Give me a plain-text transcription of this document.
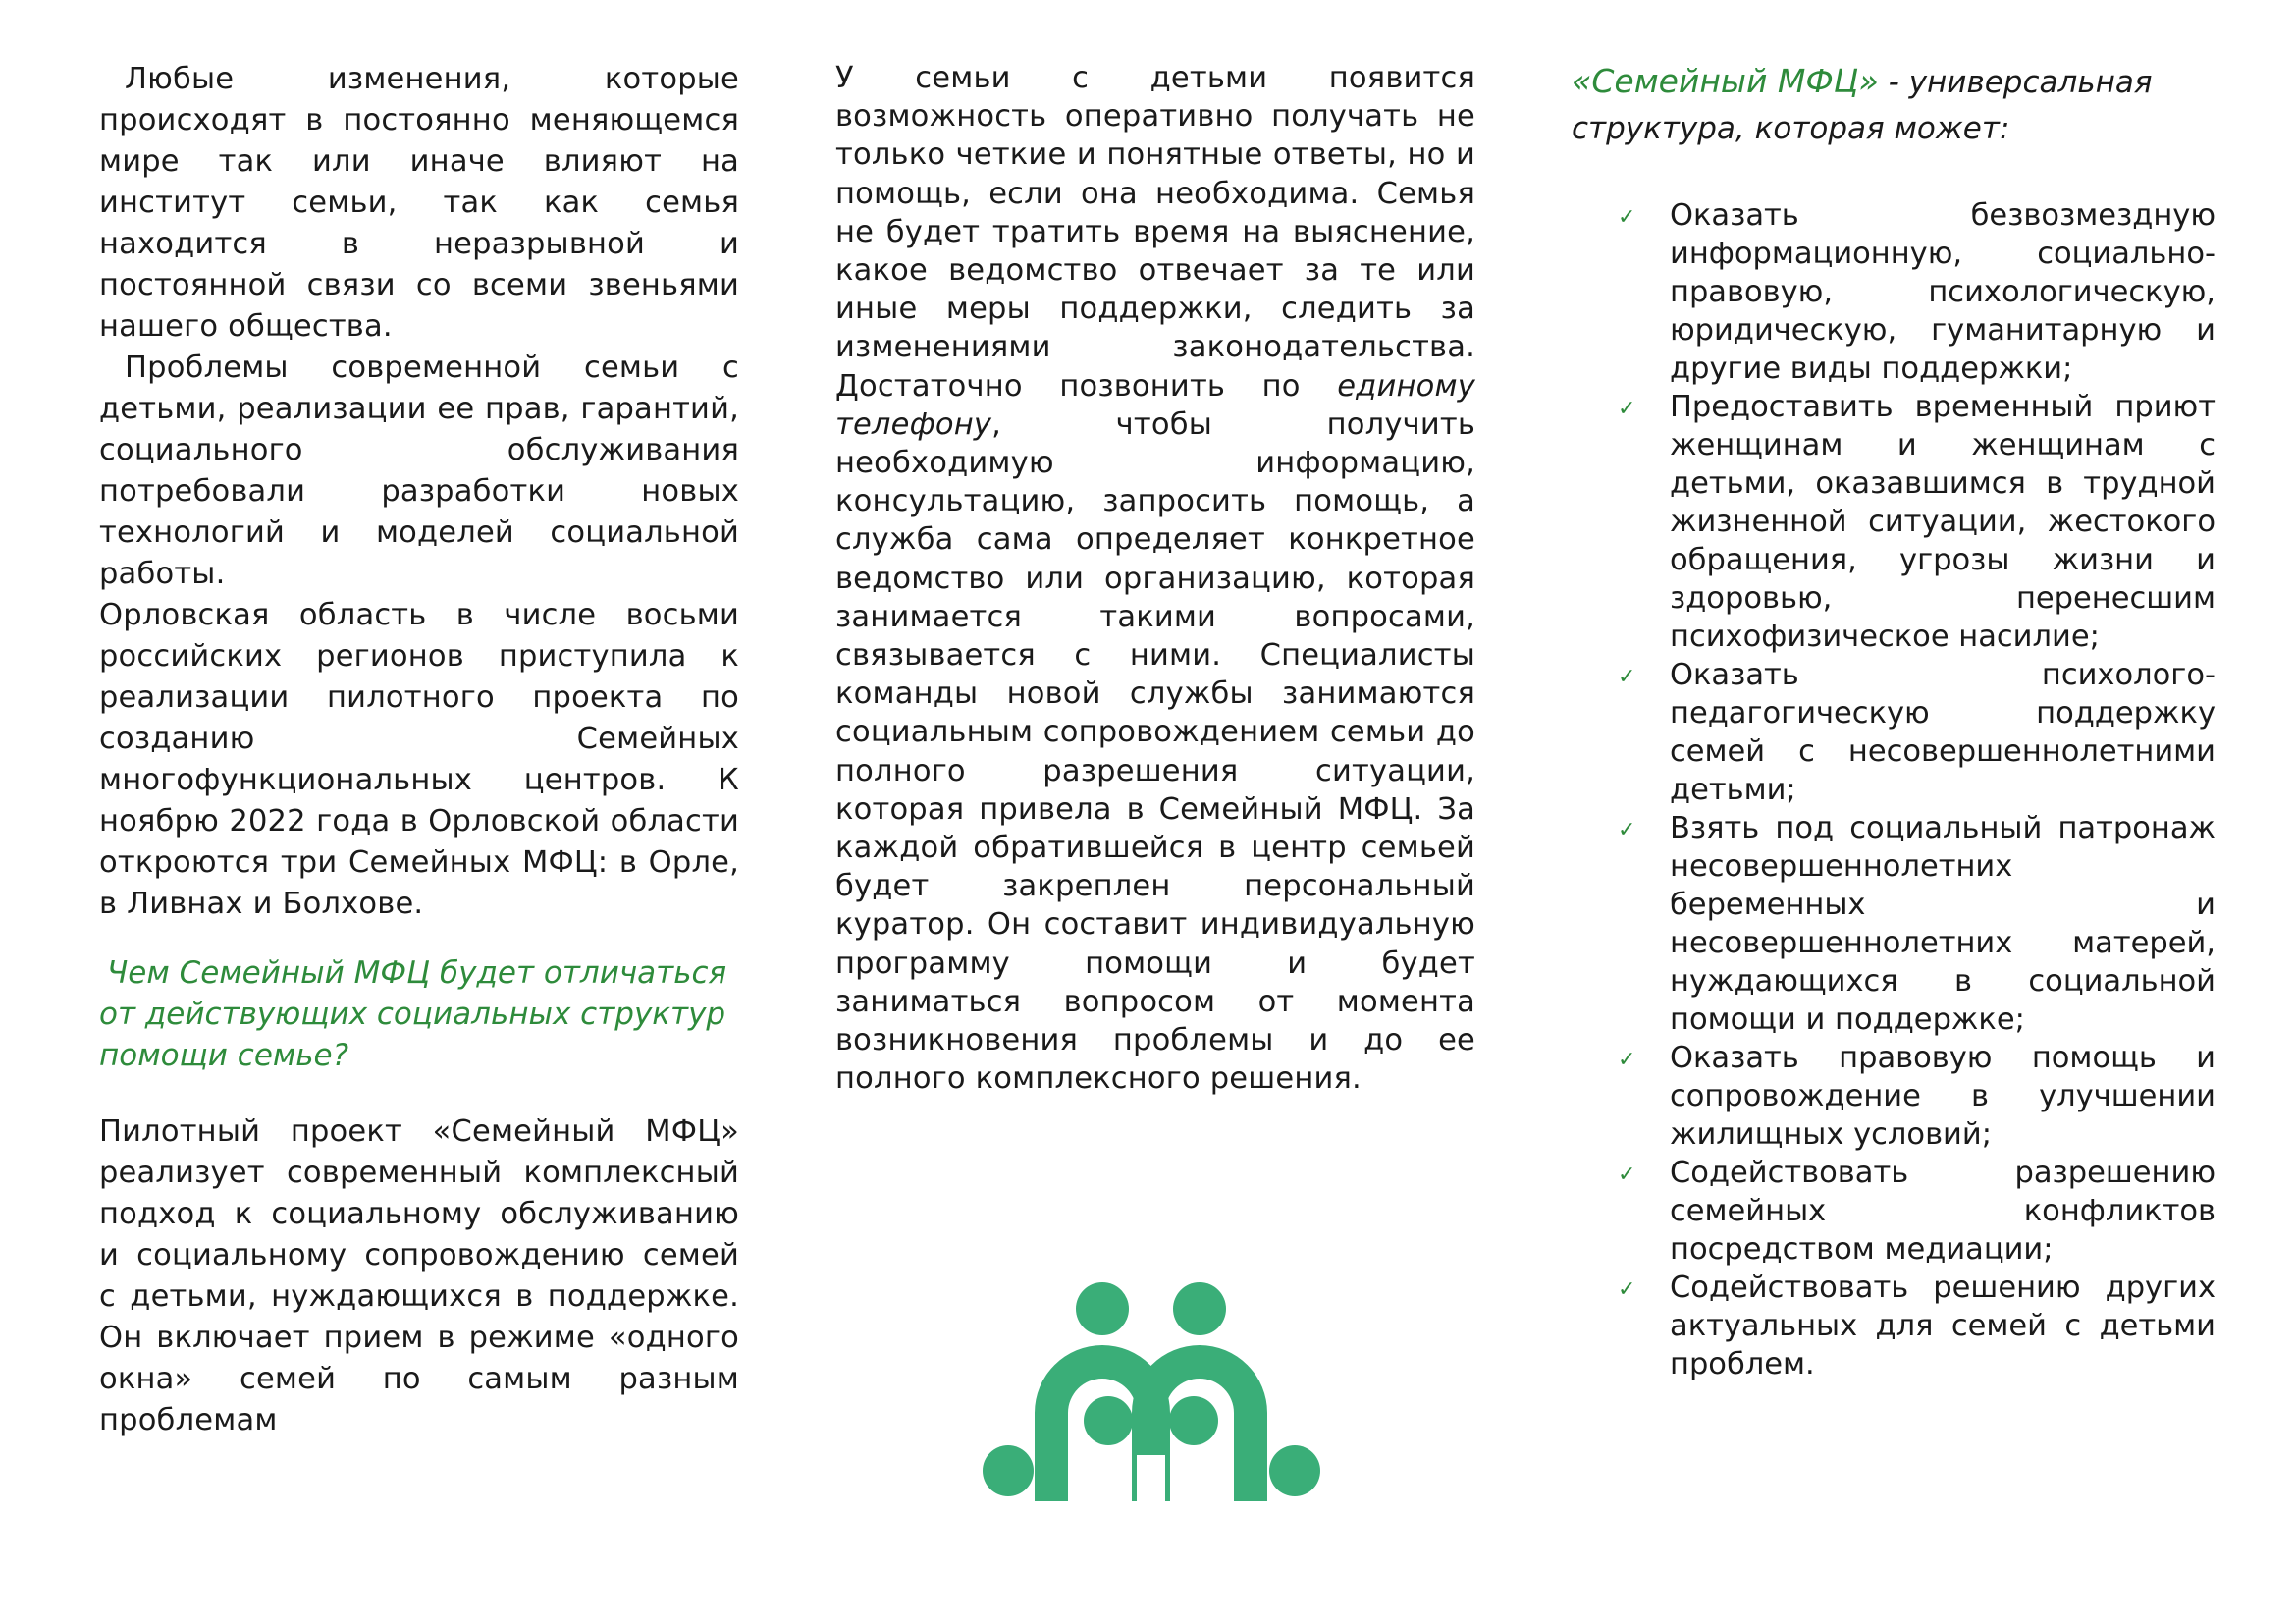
Любые изменения, которые происходят в постоянно меняющемся мире так или иначе влияют на институт семьи, так как семья находится в неразрывной и постоянной связи со всеми звеньями нашего общества.

Проблемы современной семьи с детьми, реализации ее прав, гарантий, социального обслуживания потребовали разработки новых технологий и моделей социальной работы.

Орловская область в числе восьми российских регионов приступила к реализации пилотного проекта по созданию Семейных многофункциональных центров. К ноябрю 2022 года в Орловской области откроются три Семейных МФЦ: в Орле, в Ливнах и Болхове.

Чем Семейный МФЦ будет отличаться от действующих социальных структур помощи семье?

Пилотный проект «Семейный МФЦ» реализует современный комплексный подход к социальному обслуживанию и социальному сопровождению семей с детьми, нуждающихся в поддержке. Он включает прием в режиме «одного окна» семей по самым разным проблемам

У семьи с детьми появится возможность оперативно получать не только четкие и понятные ответы, но и помощь, если она необходима. Семья не будет тратить время на выяснение, какое ведомство отвечает за те или иные меры поддержки, следить за изменениями законодательства. Достаточно позвонить по единому телефону, чтобы получить необходимую информацию, консультацию, запросить помощь, а служба сама определяет конкретное ведомство или организацию, которая занимается такими вопросами, связывается с ними. Специалисты команды новой службы занимаются социальным сопровождением семьи до полного разрешения ситуации, которая привела в Семейный МФЦ. За каждой обратившейся в центр семьей будет закреплен персональный куратор. Он составит индивидуальную программу помощи и будет заниматься вопросом от момента возникновения проблемы и до ее полного комплексного решения.

«Семейный МФЦ» - универсальная структура, которая может:

✓ Оказать безвозмездную информационную, социально-правовую, психологическую, юридическую, гуманитарную и другие виды поддержки;
✓ Предоставить временный приют женщинам и женщинам с детьми, оказавшимся в трудной жизненной ситуации, жестокого обращения, угрозы жизни и здоровью, перенесшим психофизическое насилие;
✓ Оказать психолого-педагогическую поддержку семей с несовершеннолетними детьми;
✓ Взять под социальный патронаж несовершеннолетних беременных и несовершеннолетних матерей, нуждающихся в социальной помощи и поддержке;
✓ Оказать правовую помощь и сопровождение в улучшении жилищных условий;
✓ Содействовать разрешению семейных конфликтов посредством медиации;
✓ Содействовать решению других актуальных для семей с детьми проблем.
